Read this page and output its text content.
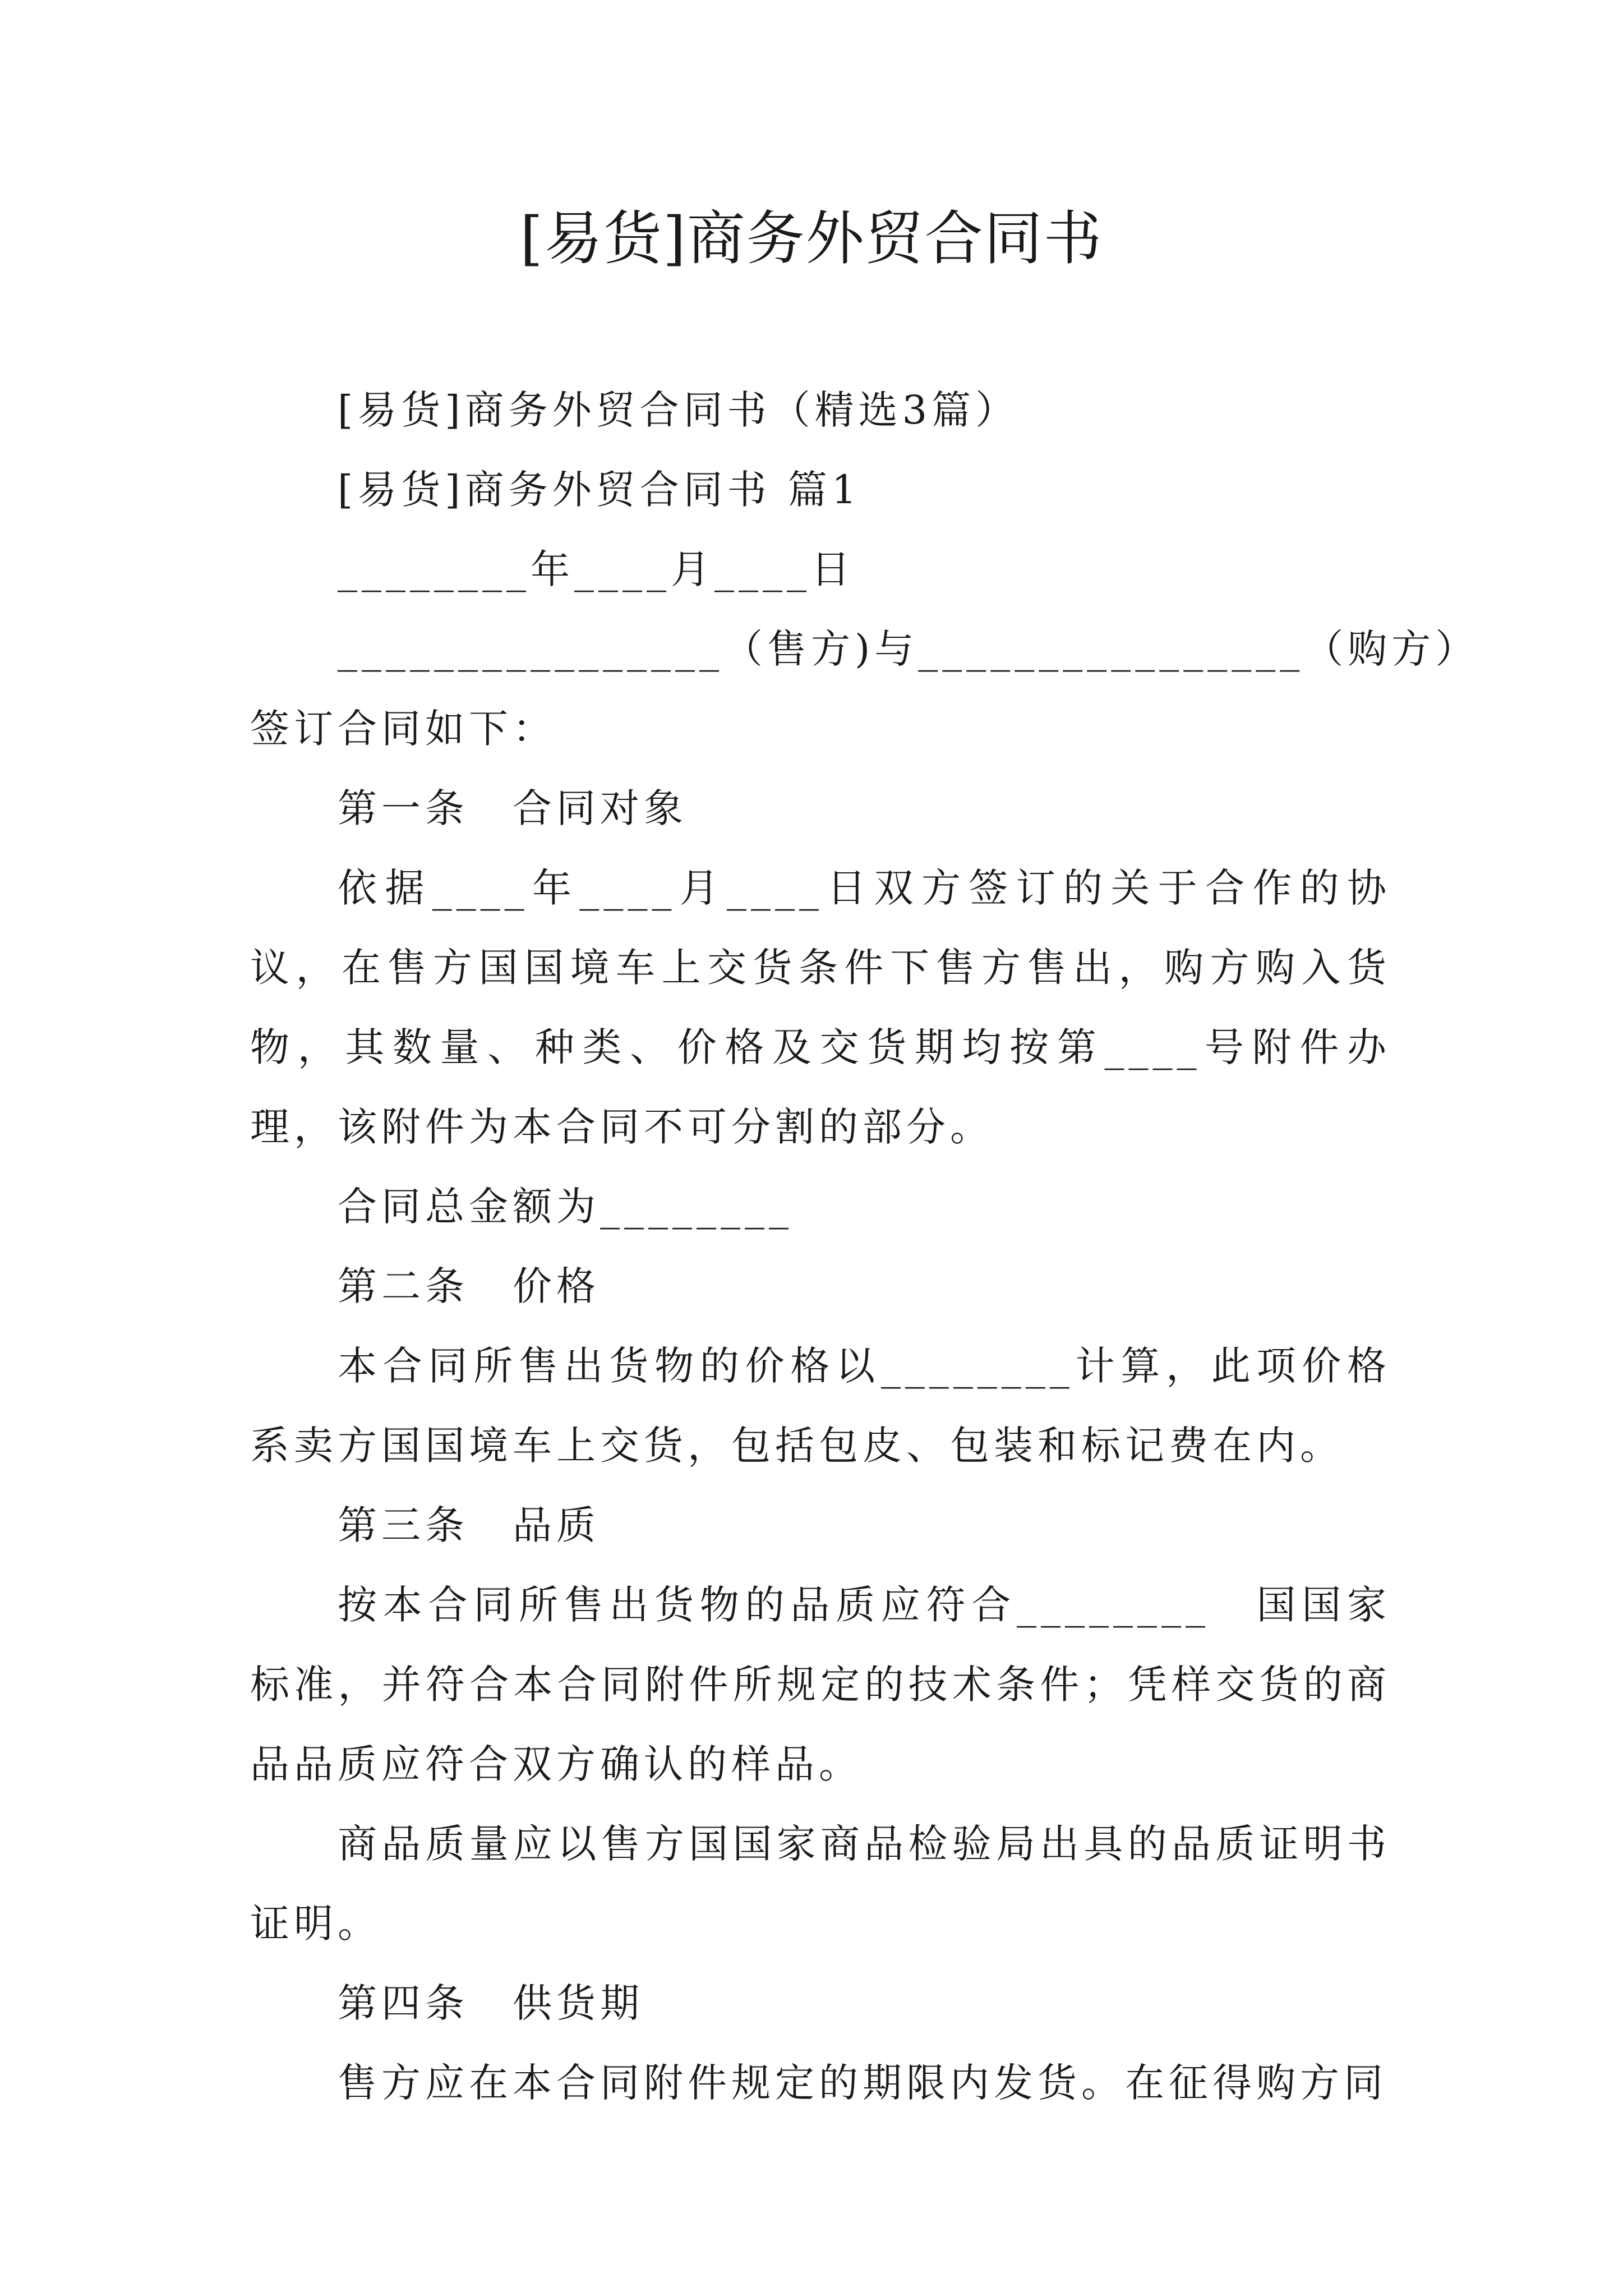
[易货]商务外贸合同书

[易货]商务外贸合同书（精选3篇）

[易货]商务外贸合同书 篇1

________年____月____日

________________（售方)与________________（购方）

签订合同如下：

第一条　合同对象

依据____年____月____日双方签订的关于合作的协议，在售方国国境车上交货条件下售方售出，购方购入货物，其数量、种类、价格及交货期均按第____号附件办理，该附件为本合同不可分割的部分。

合同总金额为________

第二条　价格

本合同所售出货物的价格以________计算，此项价格系卖方国国境车上交货，包括包皮、包装和标记费在内。

第三条　品质

按本合同所售出货物的品质应符合________　国国家标准，并符合本合同附件所规定的技术条件；凭样交货的商品品质应符合双方确认的样品。

商品质量应以售方国国家商品检验局出具的品质证明书证明。

第四条　供货期

售方应在本合同附件规定的期限内发货。在征得购方同
